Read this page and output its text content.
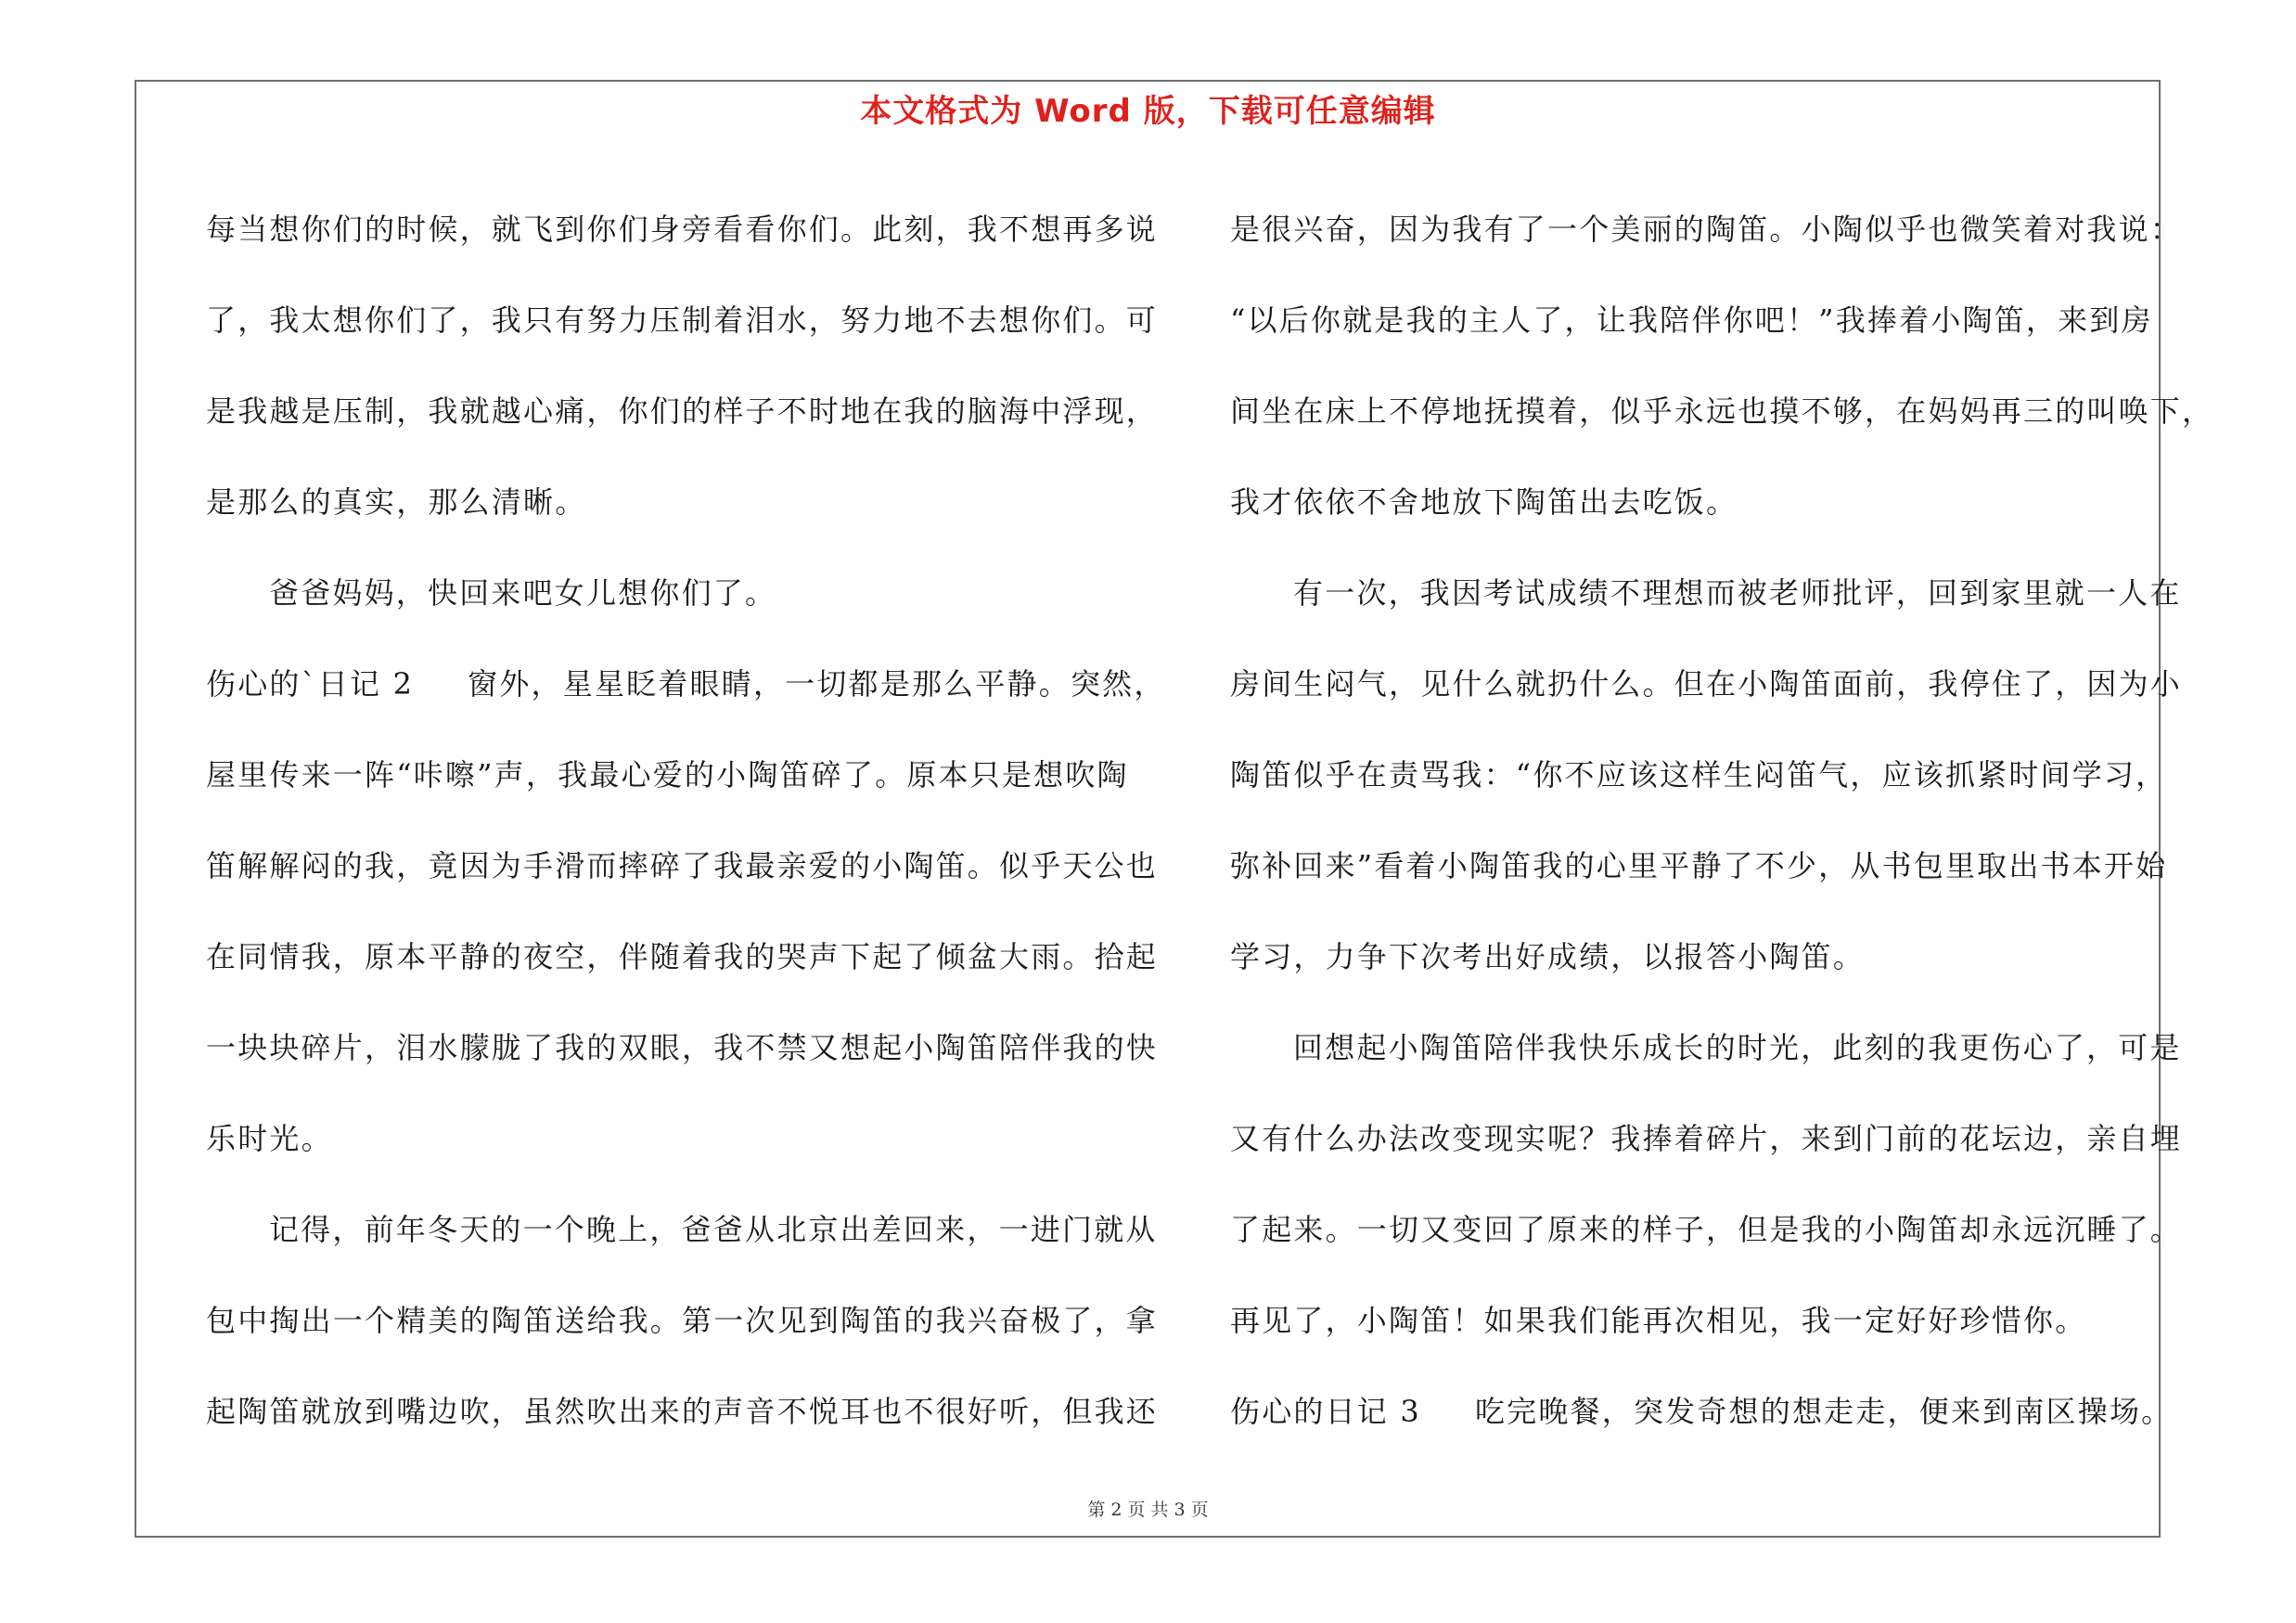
本文格式为 Word 版，下载可任意编辑
每当想你们的时候，就飞到你们身旁看看你们。此刻，我不想再多说
了，我太想你们了，我只有努力压制着泪水，努力地不去想你们。可
是我越是压制，我就越心痛，你们的样子不时地在我的脑海中浮现，
是那么的真实，那么清晰。
爸爸妈妈，快回来吧女儿想你们了。
伤心的`日记 2 窗外，星星眨着眼睛，一切都是那么平静。突然，
屋里传来一阵“咔嚓”声，我最心爱的小陶笛碎了。原本只是想吹陶
笛解解闷的我，竟因为手滑而摔碎了我最亲爱的小陶笛。似乎天公也
在同情我，原本平静的夜空，伴随着我的哭声下起了倾盆大雨。拾起
一块块碎片，泪水朦胧了我的双眼，我不禁又想起小陶笛陪伴我的快
乐时光。
记得，前年冬天的一个晚上，爸爸从北京出差回来，一进门就从
包中掏出一个精美的陶笛送给我。第一次见到陶笛的我兴奋极了，拿
起陶笛就放到嘴边吹，虽然吹出来的声音不悦耳也不很好听，但我还
是很兴奋，因为我有了一个美丽的陶笛。小陶似乎也微笑着对我说：
“以后你就是我的主人了，让我陪伴你吧！”我捧着小陶笛，来到房
间坐在床上不停地抚摸着，似乎永远也摸不够，在妈妈再三的叫唤下，
我才依依不舍地放下陶笛出去吃饭。
有一次，我因考试成绩不理想而被老师批评，回到家里就一人在
房间生闷气，见什么就扔什么。但在小陶笛面前，我停住了，因为小
陶笛似乎在责骂我：“你不应该这样生闷笛气，应该抓紧时间学习，
弥补回来”看着小陶笛我的心里平静了不少，从书包里取出书本开始
学习，力争下次考出好成绩，以报答小陶笛。
回想起小陶笛陪伴我快乐成长的时光，此刻的我更伤心了，可是
又有什么办法改变现实呢？我捧着碎片，来到门前的花坛边，亲自埋
了起来。一切又变回了原来的样子，但是我的小陶笛却永远沉睡了。
再见了，小陶笛！如果我们能再次相见，我一定好好珍惜你。
伤心的日记 3 吃完晚餐，突发奇想的想走走，便来到南区操场。
第 2 页 共 3 页
